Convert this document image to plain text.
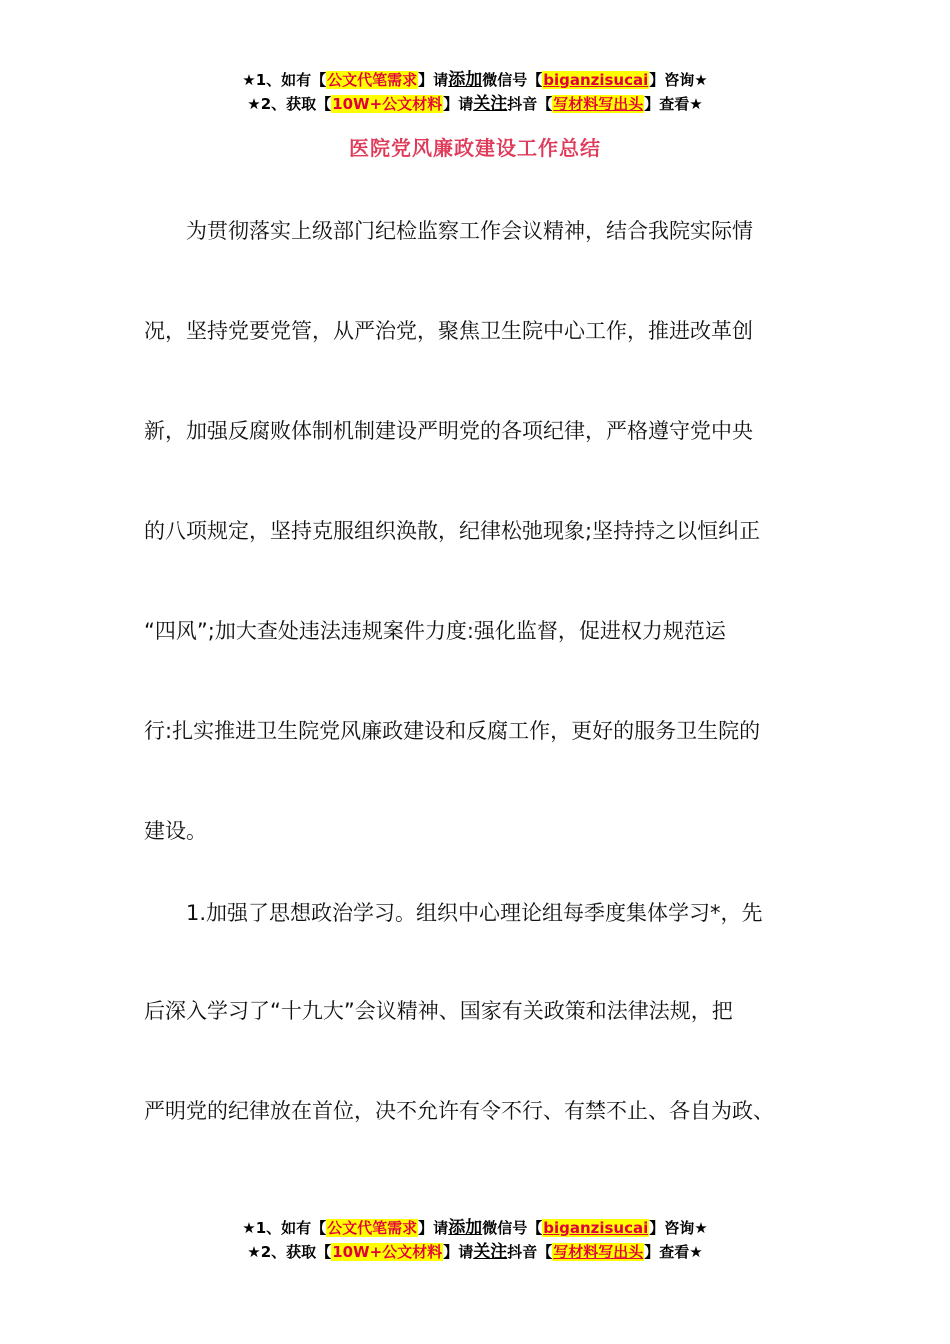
★1、如有【公文代笔需求】请添加微信号【biganzisucai】咨询★
★2、获取【10W+公文材料】请关注抖音【写材料写出头】查看★
医院党风廉政建设工作总结
为贯彻落实上级部门纪检监察工作会议精神，结合我院实际情
况，坚持党要党管，从严治党，聚焦卫生院中心工作，推进改革创
新，加强反腐败体制机制建设严明党的各项纪律，严格遵守党中央
的八项规定，坚持克服组织涣散，纪律松弛现象;坚持持之以恒纠正
“四风”;加大查处违法违规案件力度:强化监督，促进权力规范运
行:扎实推进卫生院党风廉政建设和反腐工作，更好的服务卫生院的
建设。
1.加强了思想政治学习。组织中心理论组每季度集体学习*，先
后深入学习了“十九大”会议精神、国家有关政策和法律法规，把
严明党的纪律放在首位，决不允许有令不行、有禁不止、各自为政、
★1、如有【公文代笔需求】请添加微信号【biganzisucai】咨询★
★2、获取【10W+公文材料】请关注抖音【写材料写出头】查看★
